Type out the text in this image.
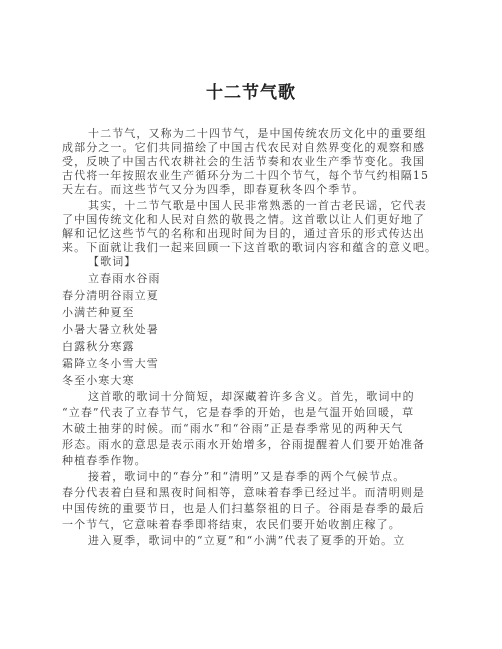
十二节气歌
十二节气，又称为二十四节气，是中国传统农历文化中的重要组
成部分之一。它们共同描绘了中国古代农民对自然界变化的观察和感
受，反映了中国古代农耕社会的生活节奏和农业生产季节变化。我国
古代将一年按照农业生产循环分为二十四个节气，每个节气约相隔15
天左右。而这些节气又分为四季，即春夏秋冬四个季节。
其实，十二节气歌是中国人民非常熟悉的一首古老民谣，它代表
了中国传统文化和人民对自然的敬畏之情。这首歌以让人们更好地了
解和记忆这些节气的名称和出现时间为目的，通过音乐的形式传达出
来。下面就让我们一起来回顾一下这首歌的歌词内容和蕴含的意义吧。
【歌词】
立春雨水谷雨
春分清明谷雨立夏
小满芒种夏至
小暑大暑立秋处暑
白露秋分寒露
霜降立冬小雪大雪
冬至小寒大寒
这首歌的歌词十分简短，却深藏着许多含义。首先，歌词中的
“立春”代表了立春节气，它是春季的开始，也是气温开始回暖，草
木破土抽芽的时候。而“雨水”和“谷雨”正是春季常见的两种天气
形态。雨水的意思是表示雨水开始增多，谷雨提醒着人们要开始准备
种植春季作物。
接着，歌词中的“春分”和“清明”又是春季的两个气候节点。
春分代表着白昼和黑夜时间相等，意味着春季已经过半。而清明则是
中国传统的重要节日，也是人们扫墓祭祖的日子。谷雨是春季的最后
一个节气，它意味着春季即将结束，农民们要开始收割庄稼了。
进入夏季，歌词中的“立夏”和“小满”代表了夏季的开始。立
